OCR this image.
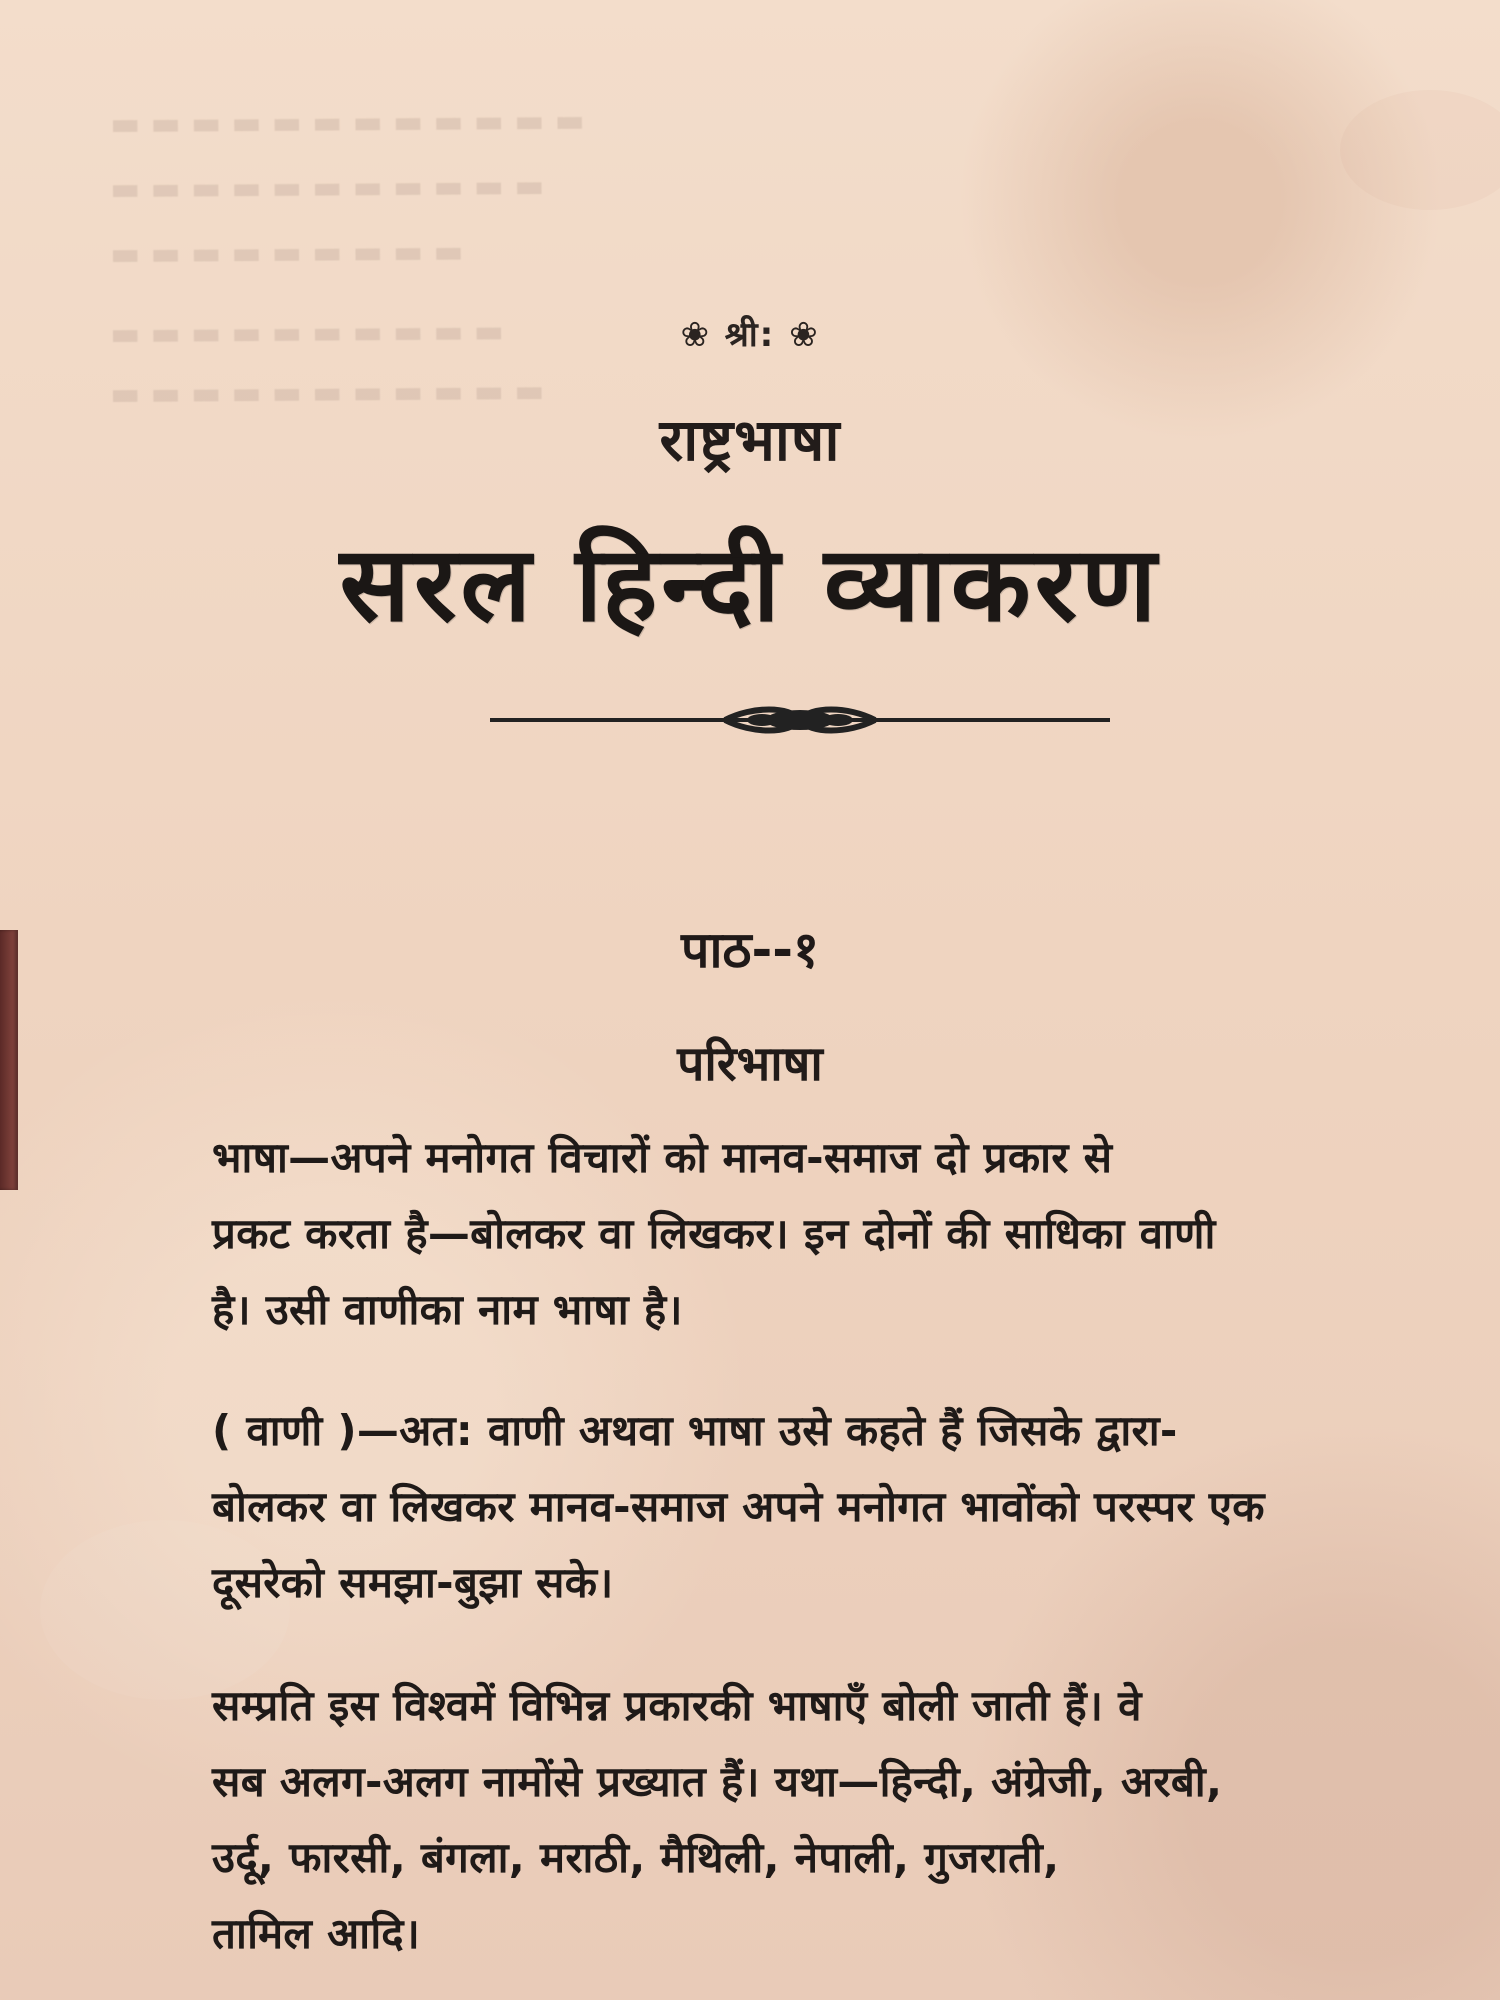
▬ ▬ ▬ ▬ ▬ ▬ ▬ ▬ ▬ ▬ ▬ ▬
▬ ▬ ▬ ▬ ▬ ▬ ▬ ▬ ▬ ▬ ▬
▬ ▬ ▬ ▬ ▬ ▬ ▬ ▬ ▬
▬ ▬ ▬ ▬ ▬ ▬ ▬ ▬ ▬ ▬
▬ ▬ ▬ ▬ ▬ ▬ ▬ ▬ ▬ ▬ ▬
❀ श्री: ❀
राष्ट्रभाषा
सरल हिन्दी व्याकरण
पाठ--१
परिभाषा
भाषा—अपने मनोगत विचारों को मानव-समाज दो प्रकार से
प्रकट करता है—बोलकर वा लिखकर। इन दोनों की साधिका वाणी
है। उसी वाणीका नाम भाषा है।
( वाणी )—अत: वाणी अथवा भाषा उसे कहते हैं जिसके द्वारा-
बोलकर वा लिखकर मानव-समाज अपने मनोगत भावोंको परस्पर एक
दूसरेको समझा-बुझा सके।
सम्प्रति इस विश्वमें विभिन्न प्रकारकी भाषाएँ बोली जाती हैं। वे
सब अलग-अलग नामोंसे प्रख्यात हैं। यथा—हिन्दी, अंग्रेजी, अरबी,
उर्दू, फारसी, बंगला, मराठी, मैथिली, नेपाली, गुजराती,
तामिल आदि।
